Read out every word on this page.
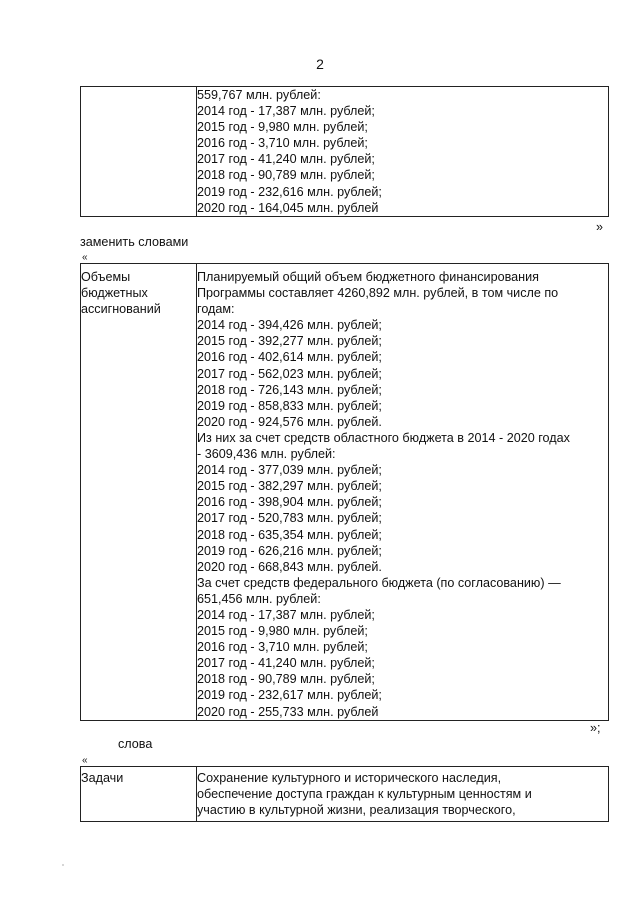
2

559,767 млн. рублей:
2014 год - 17,387 млн. рублей;
2015 год - 9,980 млн. рублей;
2016 год - 3,710 млн. рублей;
2017 год - 41,240 млн. рублей;
2018 год - 90,789 млн. рублей;
2019 год - 232,616 млн. рублей;
2020 год - 164,045 млн. рублей
»
заменить словами
«
Объемы бюджетных ассигнований

Планируемый общий объем бюджетного финансирования Программы составляет 4260,892 млн. рублей, в том числе по годам:
2014 год - 394,426 млн. рублей;
2015 год - 392,277 млн. рублей;
2016 год - 402,614 млн. рублей;
2017 год - 562,023 млн. рублей;
2018 год - 726,143 млн. рублей;
2019 год - 858,833 млн. рублей;
2020 год - 924,576 млн. рублей.
Из них за счет средств областного бюджета в 2014 - 2020 годах - 3609,436 млн. рублей:
2014 год - 377,039 млн. рублей;
2015 год - 382,297 млн. рублей;
2016 год - 398,904 млн. рублей;
2017 год - 520,783 млн. рублей;
2018 год - 635,354 млн. рублей;
2019 год - 626,216 млн. рублей;
2020 год - 668,843 млн. рублей.
За счет средств федерального бюджета (по согласованию) — 651,456 млн. рублей:
2014 год - 17,387 млн. рублей;
2015 год - 9,980 млн. рублей;
2016 год - 3,710 млн. рублей;
2017 год - 41,240 млн. рублей;
2018 год - 90,789 млн. рублей;
2019 год - 232,617 млн. рублей;
2020 год - 255,733 млн. рублей
»;
слова
«
Задачи	Сохранение культурного и исторического наследия,
обеспечение доступа граждан к культурным ценностям и
участию в культурной жизни, реализация творческого,
